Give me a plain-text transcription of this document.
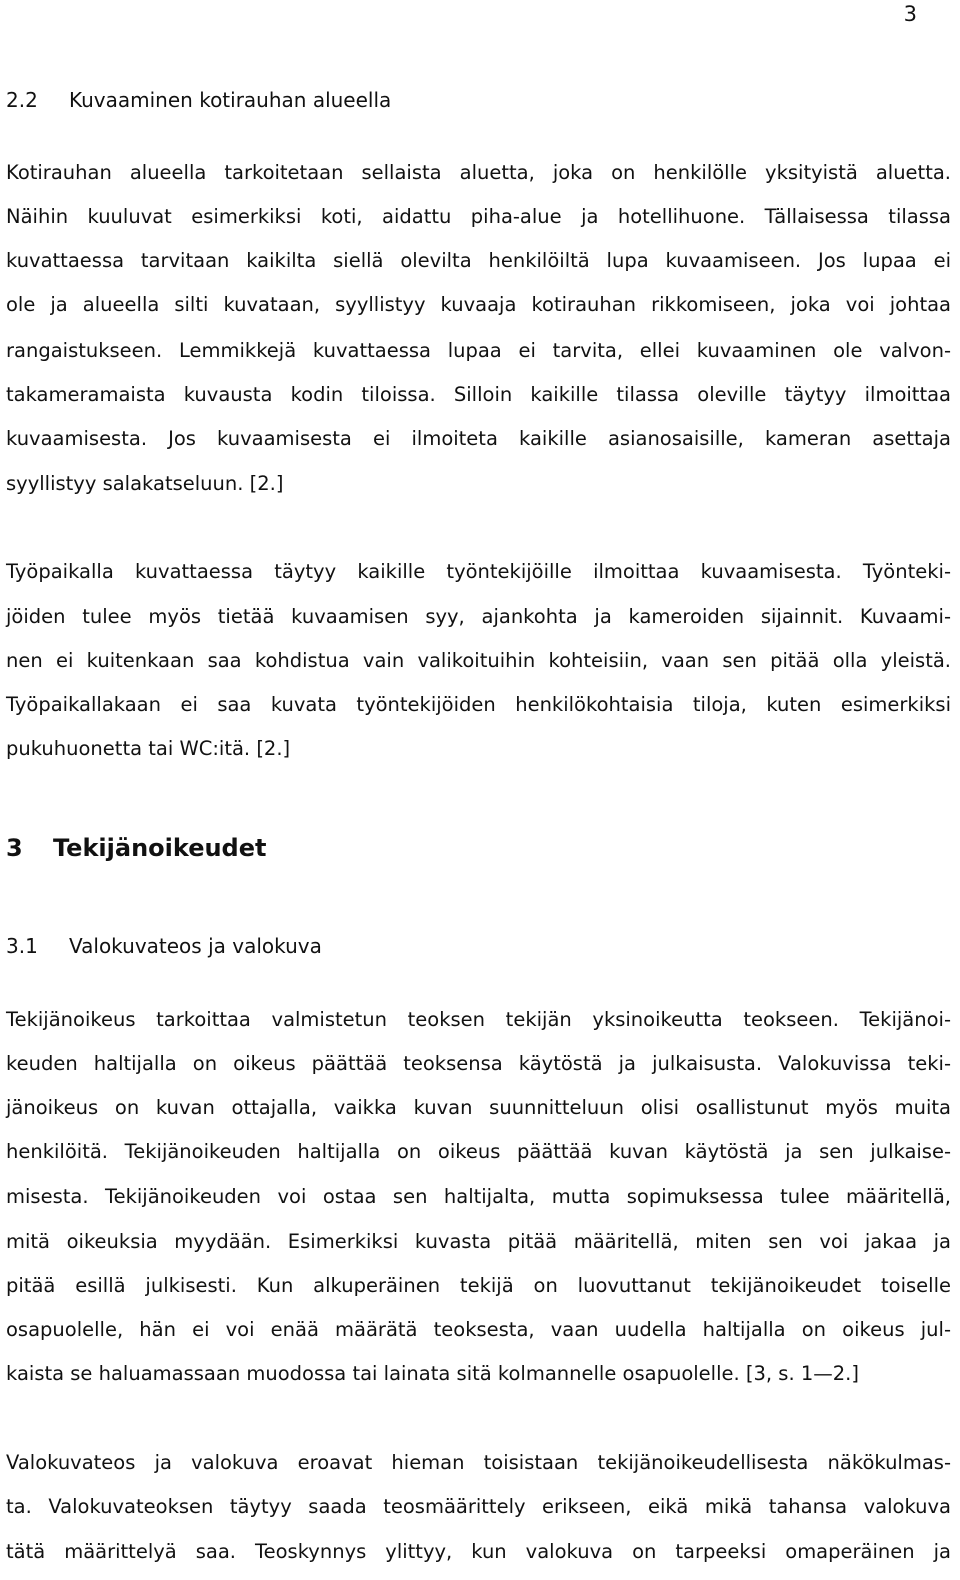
3
2.2 Kuvaaminen kotirauhan alueella
Kotirauhan alueella tarkoitetaan sellaista aluetta, joka on henkilölle yksityistä aluetta.
Näihin kuuluvat esimerkiksi koti, aidattu piha-alue ja hotellihuone. Tällaisessa tilassa
kuvattaessa tarvitaan kaikilta siellä olevilta henkilöiltä lupa kuvaamiseen. Jos lupaa ei
ole ja alueella silti kuvataan, syyllistyy kuvaaja kotirauhan rikkomiseen, joka voi johtaa
rangaistukseen. Lemmikkejä kuvattaessa lupaa ei tarvita, ellei kuvaaminen ole valvon-
takameramaista kuvausta kodin tiloissa. Silloin kaikille tilassa oleville täytyy ilmoittaa
kuvaamisesta. Jos kuvaamisesta ei ilmoiteta kaikille asianosaisille, kameran asettaja
syyllistyy salakatseluun. [2.]
Työpaikalla kuvattaessa täytyy kaikille työntekijöille ilmoittaa kuvaamisesta. Työnteki-
jöiden tulee myös tietää kuvaamisen syy, ajankohta ja kameroiden sijainnit. Kuvaami-
nen ei kuitenkaan saa kohdistua vain valikoituihin kohteisiin, vaan sen pitää olla yleistä.
Työpaikallakaan ei saa kuvata työntekijöiden henkilökohtaisia tiloja, kuten esimerkiksi
pukuhuonetta tai WC:itä. [2.]
3 Tekijänoikeudet
3.1 Valokuvateos ja valokuva
Tekijänoikeus tarkoittaa valmistetun teoksen tekijän yksinoikeutta teokseen. Tekijänoi-
keuden haltijalla on oikeus päättää teoksensa käytöstä ja julkaisusta. Valokuvissa teki-
jänoikeus on kuvan ottajalla, vaikka kuvan suunnitteluun olisi osallistunut myös muita
henkilöitä. Tekijänoikeuden haltijalla on oikeus päättää kuvan käytöstä ja sen julkaise-
misesta. Tekijänoikeuden voi ostaa sen haltijalta, mutta sopimuksessa tulee määritellä,
mitä oikeuksia myydään. Esimerkiksi kuvasta pitää määritellä, miten sen voi jakaa ja
pitää esillä julkisesti. Kun alkuperäinen tekijä on luovuttanut tekijänoikeudet toiselle
osapuolelle, hän ei voi enää määrätä teoksesta, vaan uudella haltijalla on oikeus jul-
kaista se haluamassaan muodossa tai lainata sitä kolmannelle osapuolelle. [3, s. 1—2.]
Valokuvateos ja valokuva eroavat hieman toisistaan tekijänoikeudellisesta näkökulmas-
ta. Valokuvateoksen täytyy saada teosmäärittely erikseen, eikä mikä tahansa valokuva
tätä määrittelyä saa. Teoskynnys ylittyy, kun valokuva on tarpeeksi omaperäinen ja
